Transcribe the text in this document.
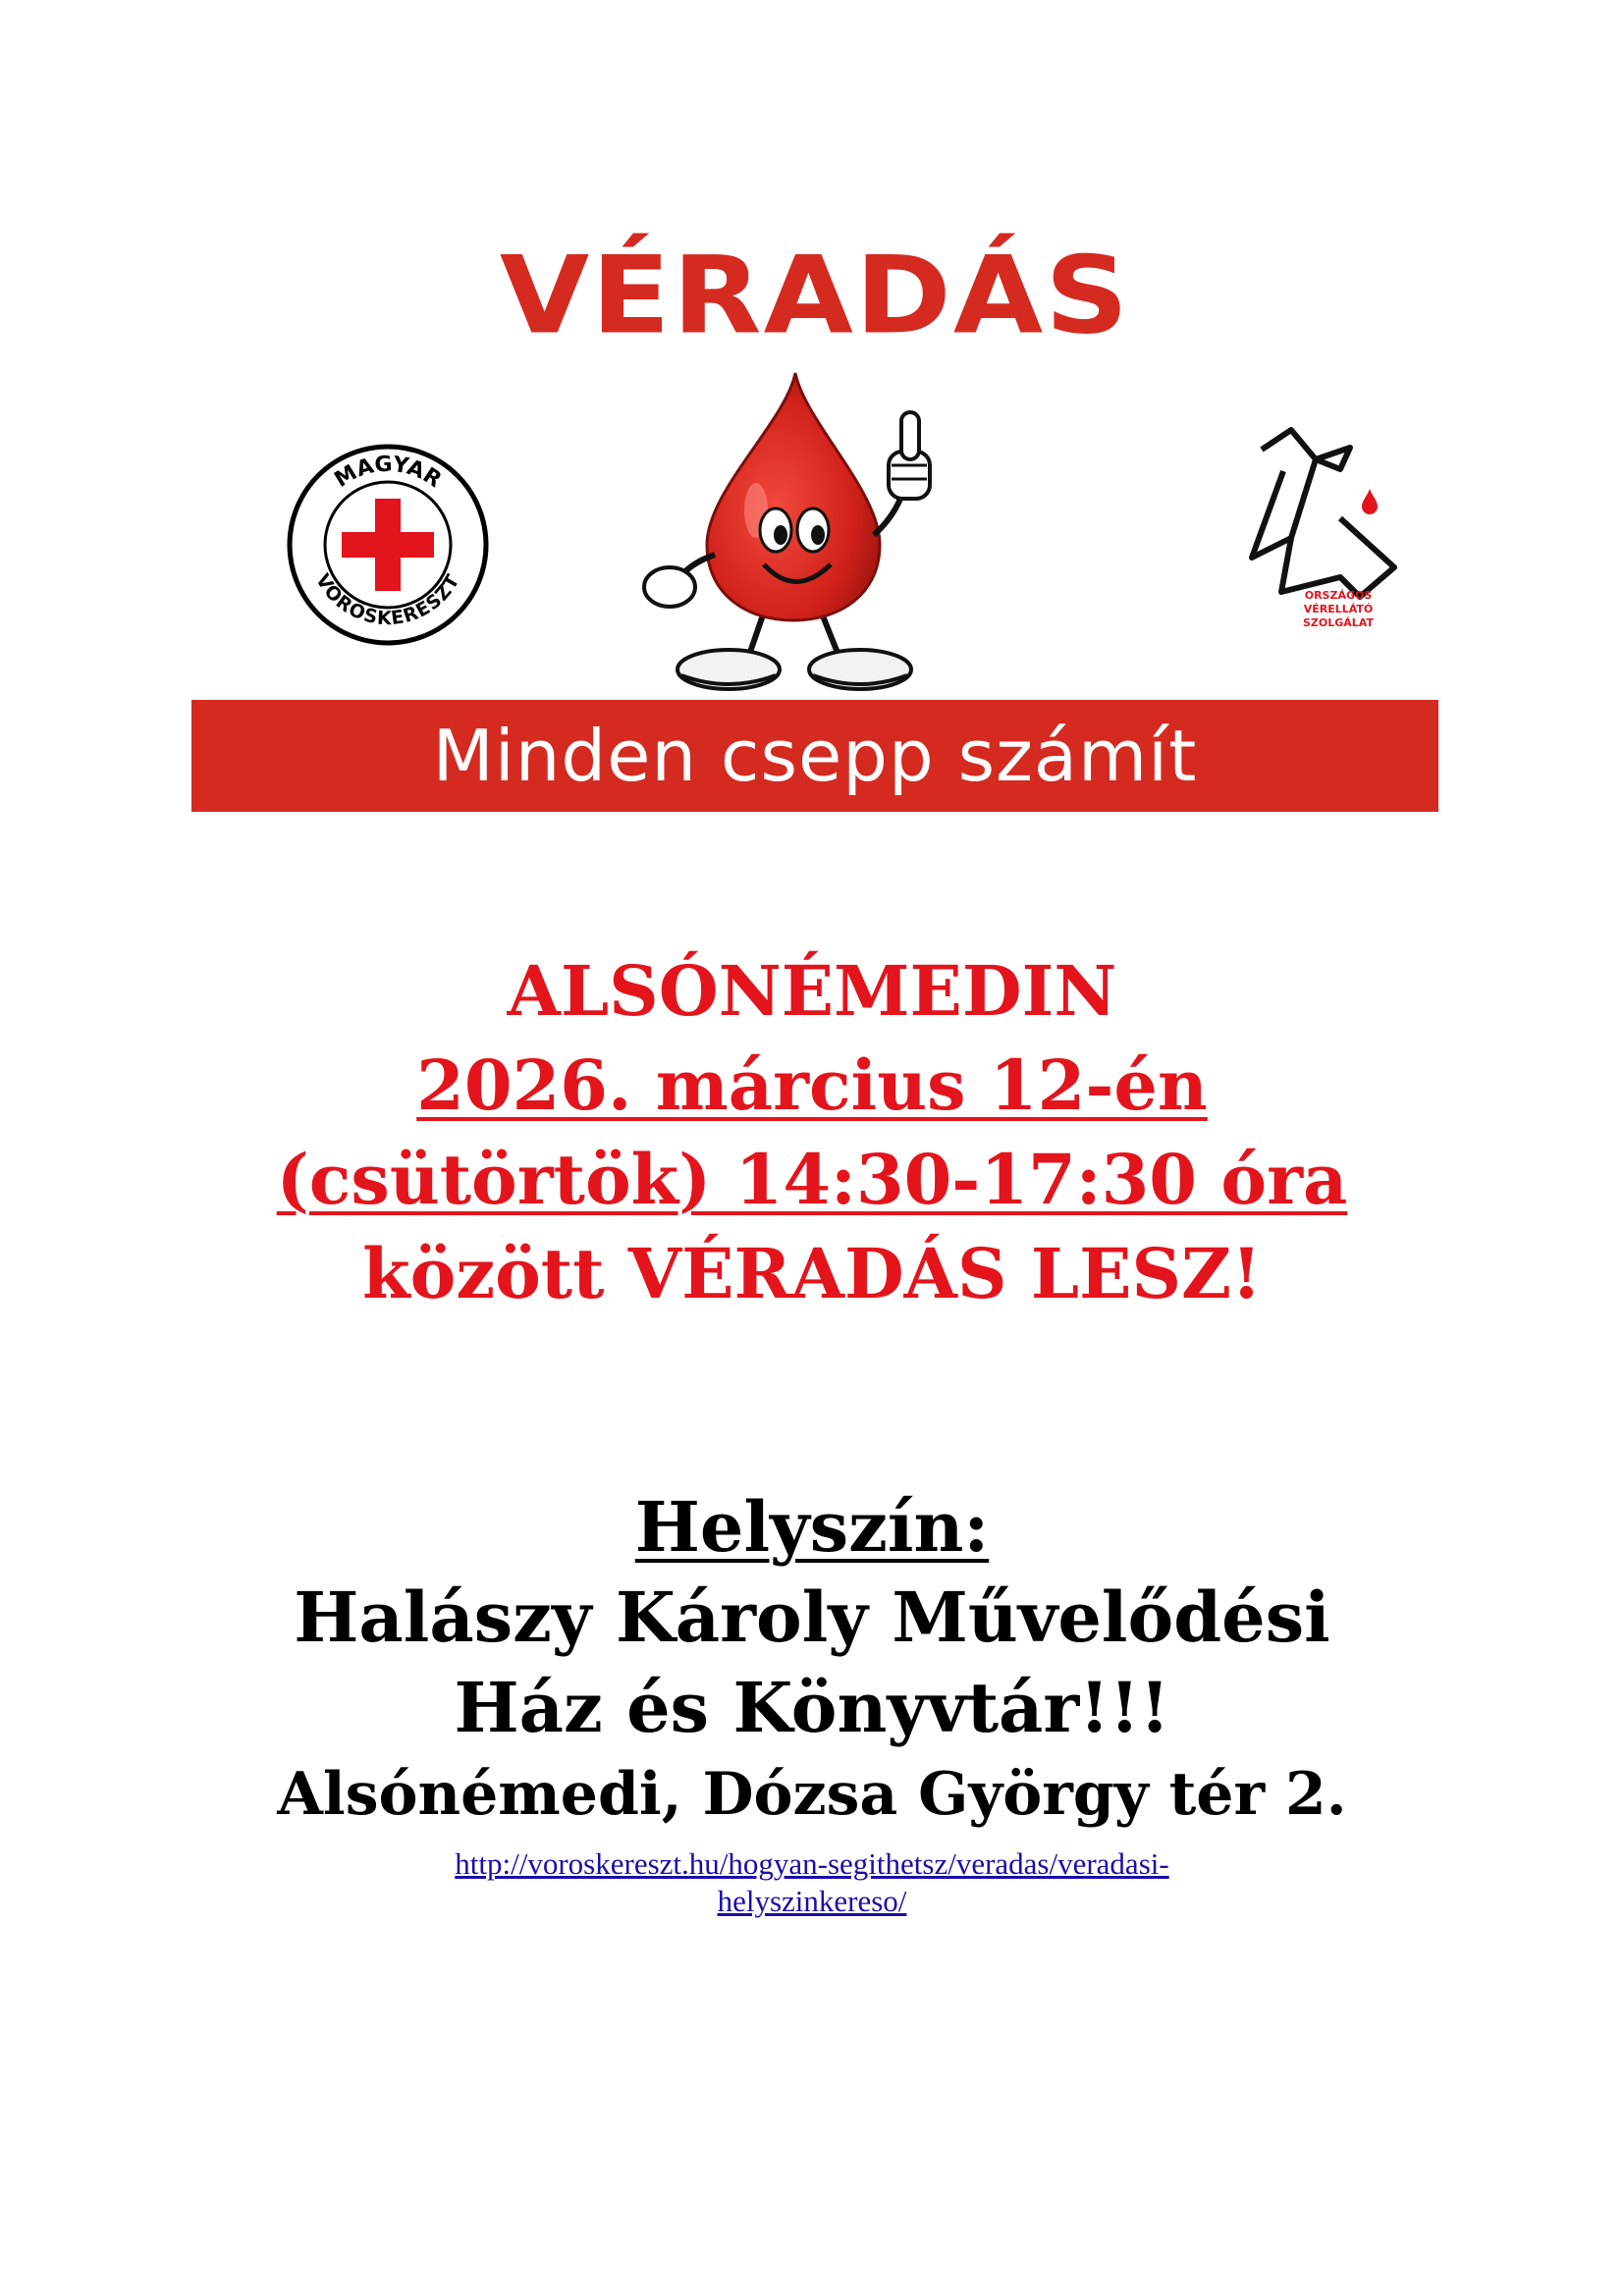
VÉRADÁS
MAGYAR
VÖRÖSKERESZT
ORSZÁGOS
VÉRELLÁTÓ
SZOLGÁLAT
Minden csepp számít
ALSÓNÉMEDIN
2026. március 12-én
(csütörtök) 14:30-17:30 óra
között VÉRADÁS LESZ!
Helyszín:
Halászy Károly Művelődési
Ház és Könyvtár!!!
Alsónémedi, Dózsa György tér 2.
http://voroskereszt.hu/hogyan-segithetsz/veradas/veradasi-
helyszinkereso/
